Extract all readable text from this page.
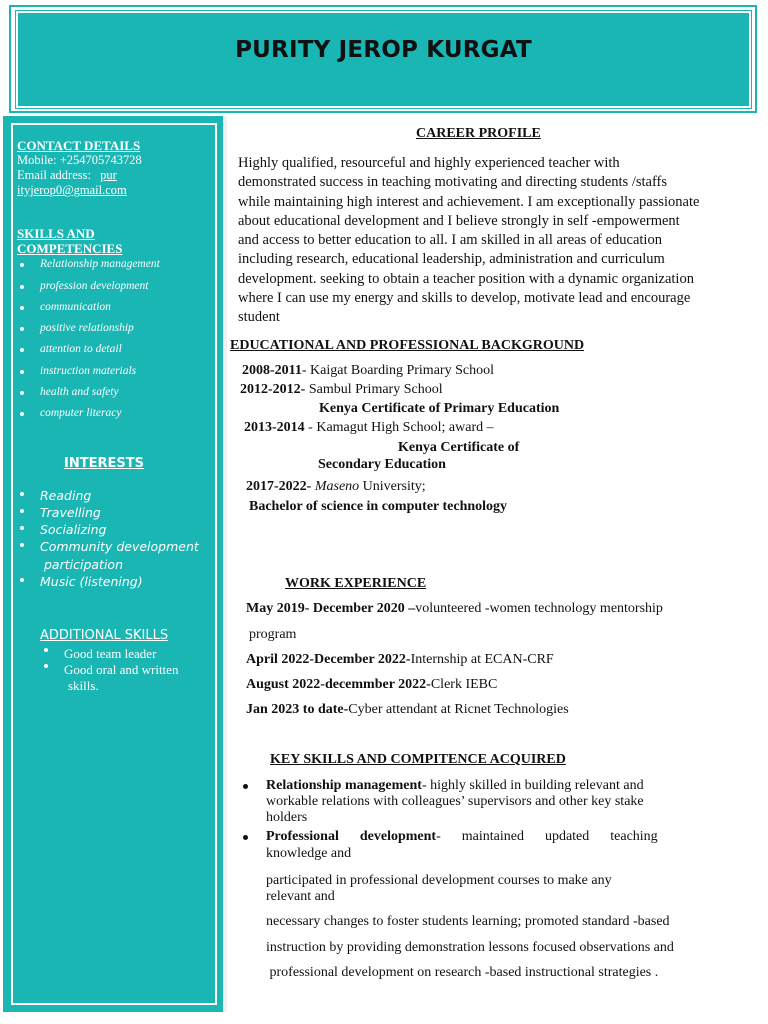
PURITY JEROP KURGAT
CONTACT DETAILS
Mobile: +254705743728
Email address: pur
ityjerop0@gmail.com
SKILLS AND
COMPETENCIES
Relationship management
profession development
communication
positive relationship
attention to detail
instruction materials
health and safety
computer literacy
INTERESTS
Reading
Travelling
Socializing
Community development
participation
Music (listening)
ADDITIONAL SKILLS
Good team leader
Good oral and written
skills.
CAREER PROFILE
Highly qualified, resourceful and highly experienced teacher with
demonstrated success in teaching motivating and directing students /staffs
while maintaining high interest and achievement. I am exceptionally passionate
about educational development and I believe strongly in self -empowerment
and access to better education to all. I am skilled in all areas of education
including research, educational leadership, administration and curriculum
development. seeking to obtain a teacher position with a dynamic organization
where I can use my energy and skills to develop, motivate lead and encourage
student
EDUCATIONAL AND PROFESSIONAL BACKGROUND
2008-2011- Kaigat Boarding Primary School
2012-2012- Sambul Primary School
Kenya Certificate of Primary Education
2013-2014 - Kamagut High School; award –
Kenya Certificate of
Secondary Education
2017-2022- Maseno University;
Bachelor of science in computer technology
WORK EXPERIENCE
May 2019- December 2020 –volunteered -women technology mentorship
program
April 2022-December 2022-Internship at ECAN-CRF
August 2022-decemmber 2022-Clerk IEBC
Jan 2023 to date-Cyber attendant at Ricnet Technologies
KEY SKILLS AND COMPITENCE ACQUIRED
Relationship management- highly skilled in building relevant and
workable relations with colleagues’ supervisors and other key stake
holders
Professional      development-      maintained      updated      teaching
knowledge and
participated in professional development courses to make any
relevant and
necessary changes to foster students learning; promoted standard -based
instruction by providing demonstration lessons focused observations and
professional development on research -based instructional strategies .
